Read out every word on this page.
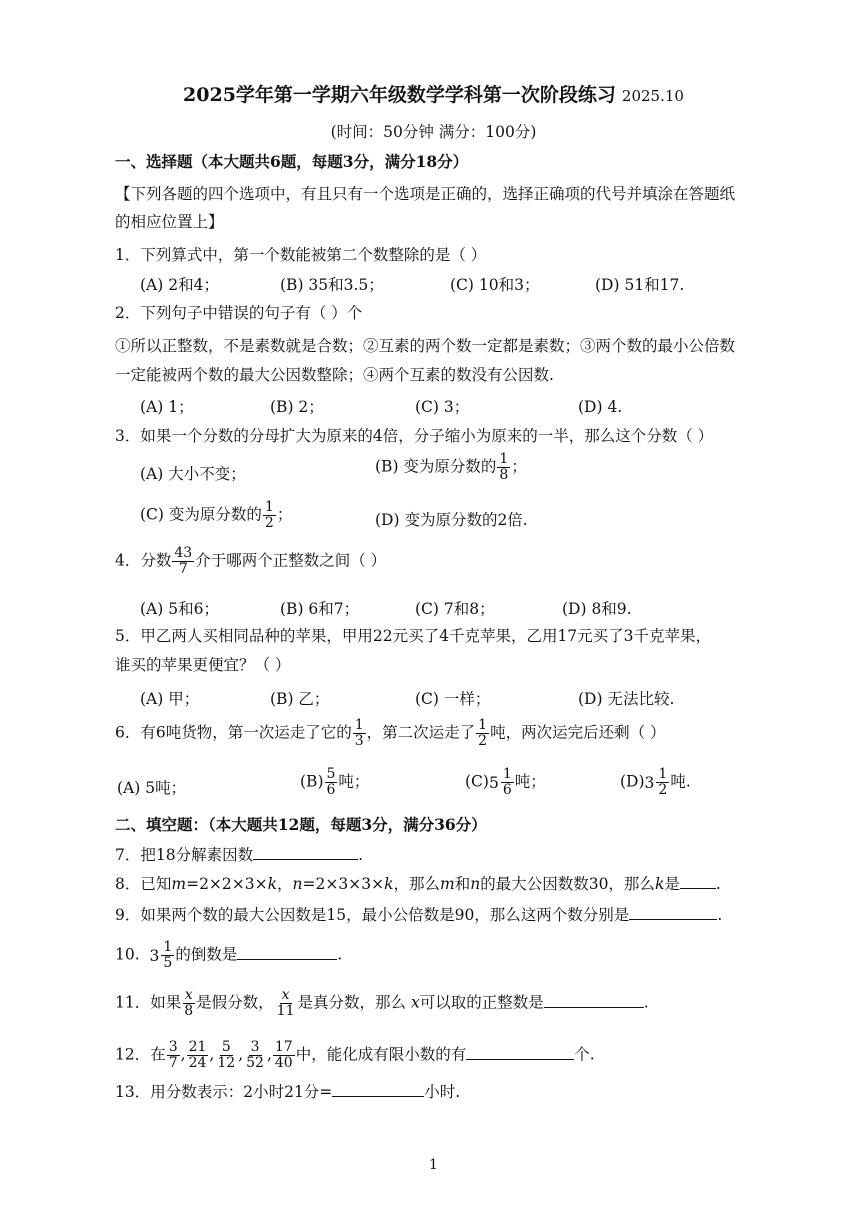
2025学年第一学期六年级数学学科第一次阶段练习 2025.10
(时间：50分钟 满分：100分)
一、选择题（本大题共6题，每题3分，满分18分）
【下列各题的四个选项中，有且只有一个选项是正确的，选择正确项的代号并填涂在答题纸
的相应位置上】
1．下列算式中，第一个数能被第二个数整除的是（ ）
(A) 2和4；	(B) 35和3.5；	(C) 10和3；	(D) 51和17.
2．下列句子中错误的句子有（ ）个
①所以正整数，不是素数就是合数；②互素的两个数一定都是素数；③两个数的最小公倍数
一定能被两个数的最大公因数整除；④两个互素的数没有公因数.
(A) 1；	(B) 2；	(C) 3；	(D) 4.
3．如果一个分数的分母扩大为原来的4倍，分子缩小为原来的一半，那么这个分数（ ）
(A) 大小不变；	(B) 变为原分数的 $\frac{1}{8}$ ；
(C) 变为原分数的 $\frac{1}{2}$ ；	(D) 变为原分数的2倍.
4．分数 $\frac{43}{7}$ 介于哪两个正整数之间（ ）
(A) 5和6；	(B) 6和7；	(C) 7和8；	(D) 8和9.
5．甲乙两人买相同品种的苹果，甲用22元买了4千克苹果，乙用17元买了3千克苹果，
谁买的苹果更便宜？（ ）
(A) 甲；	(B) 乙；	(C) 一样；	(D) 无法比较.
6．有6吨货物，第一次运走了它的 $\frac{1}{3}$ ，第二次运走了 $\frac{1}{2}$ 吨，两次运完后还剩（ ）
(A) 5吨；	$(B) \frac{5}{6}$ 吨；	(C) $5 \frac{1}{6}$ 吨；	(D) $3 \frac{1}{2}$ 吨.
二、填空题：（本大题共12题，每题3分，满分36分）
7．把18分解素因数	.
8．已知m=2×2×3×k，n=2×3×3×k，那么m和n的最大公因数数30，那么k是 .
9．如果两个数的最大公因数是15，最小公倍数是90，那么这两个数分别是	.
10. $3 \frac{1}{5}$ 的倒数是	.
11．如果 $\frac{x}{8}$ 是假分数， $\frac{x}{11}$ 是真分数，那么 x可以取的正整数是	.
12．在 $\frac{3}{7}$ , $\frac{21}{24}$ , $\frac{5}{12}$ , $\frac{3}{52}$ , $\frac{17}{40}$ 中，能化成有限小数的有	个.
13．用分数表示：2小时21分=	小时.
1
